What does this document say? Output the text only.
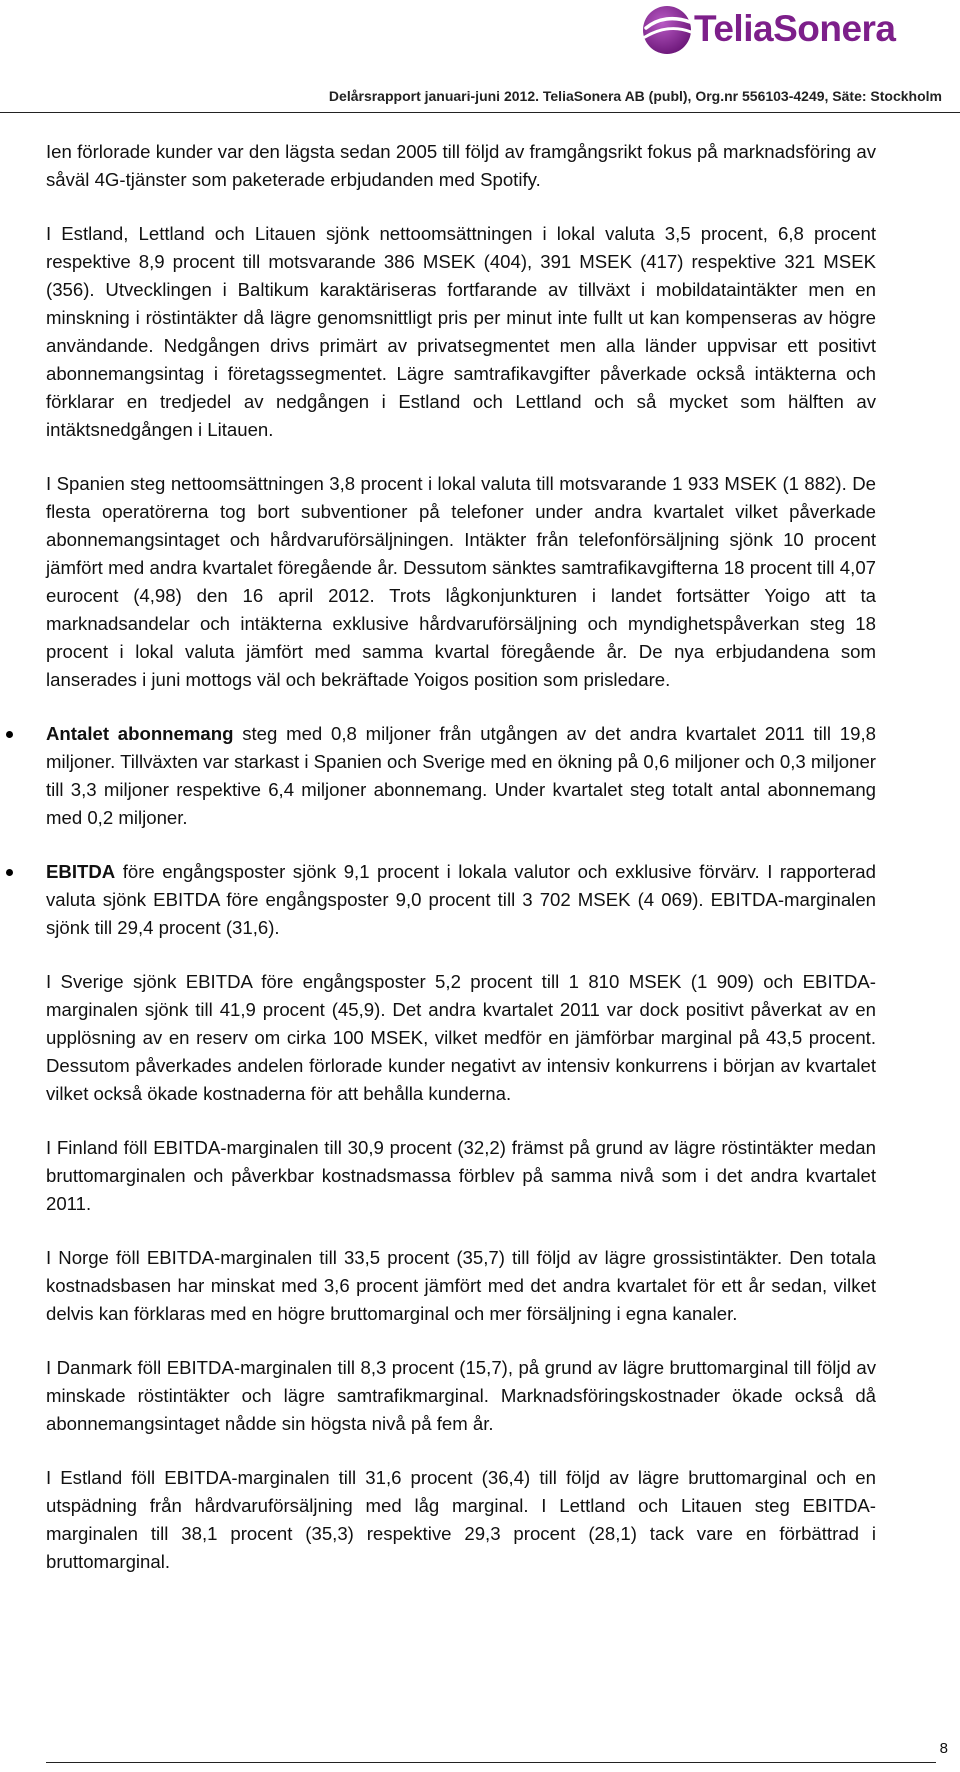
TeliaSonera
Delårsrapport januari-juni 2012. TeliaSonera AB (publ), Org.nr 556103-4249, Säte: Stockholm

Ien förlorade kunder var den lägsta sedan 2005 till följd av framgångsrikt fokus på marknadsföring av såväl 4G-tjänster som paketerade erbjudanden med Spotify.

I Estland, Lettland och Litauen sjönk nettoomsättningen i lokal valuta 3,5 procent, 6,8 procent respektive 8,9 procent till motsvarande 386 MSEK (404), 391 MSEK (417) respektive 321 MSEK (356). Utvecklingen i Baltikum karaktäriseras fortfarande av tillväxt i mobildataintäkter men en minskning i röstintäkter då lägre genomsnittligt pris per minut inte fullt ut kan kompenseras av högre användande. Nedgången drivs primärt av privatsegmentet men alla länder uppvisar ett positivt abonnemangsintag i företagssegmentet. Lägre samtrafikavgifter påverkade också intäkterna och förklarar en tredjedel av nedgången i Estland och Lettland och så mycket som hälften av intäktsnedgången i Litauen.

I Spanien steg nettoomsättningen 3,8 procent i lokal valuta till motsvarande 1 933 MSEK (1 882). De flesta operatörerna tog bort subventioner på telefoner under andra kvartalet vilket påverkade abonnemangsintaget och hårdvaruförsäljningen. Intäkter från telefonförsäljning sjönk 10 procent jämfört med andra kvartalet föregående år. Dessutom sänktes samtrafikavgifterna 18 procent till 4,07 eurocent (4,98) den 16 april 2012. Trots lågkonjunkturen i landet fortsätter Yoigo att ta marknadsandelar och intäkterna exklusive hårdvaruförsäljning och myndighetspåverkan steg 18 procent i lokal valuta jämfört med samma kvartal föregående år. De nya erbjudandena som lanserades i juni mottogs väl och bekräftade Yoigos position som prisledare.

Antalet abonnemang steg med 0,8 miljoner från utgången av det andra kvartalet 2011 till 19,8 miljoner. Tillväxten var starkast i Spanien och Sverige med en ökning på 0,6 miljoner och 0,3 miljoner till 3,3 miljoner respektive 6,4 miljoner abonnemang. Under kvartalet steg totalt antal abonnemang med 0,2 miljoner.

EBITDA före engångsposter sjönk 9,1 procent i lokala valutor och exklusive förvärv. I rapporterad valuta sjönk EBITDA före engångsposter 9,0 procent till 3 702 MSEK (4 069). EBITDA-marginalen sjönk till 29,4 procent (31,6).

I Sverige sjönk EBITDA före engångsposter 5,2 procent till 1 810 MSEK (1 909) och EBITDA-marginalen sjönk till 41,9 procent (45,9). Det andra kvartalet 2011 var dock positivt påverkat av en upplösning av en reserv om cirka 100 MSEK, vilket medför en jämförbar marginal på 43,5 procent. Dessutom påverkades andelen förlorade kunder negativt av intensiv konkurrens i början av kvartalet vilket också ökade kostnaderna för att behålla kunderna.

I Finland föll EBITDA-marginalen till 30,9 procent (32,2) främst på grund av lägre röstintäkter medan bruttomarginalen och påverkbar kostnadsmassa förblev på samma nivå som i det andra kvartalet 2011.

I Norge föll EBITDA-marginalen till 33,5 procent (35,7) till följd av lägre grossistintäkter. Den totala kostnadsbasen har minskat med 3,6 procent jämfört med det andra kvartalet för ett år sedan, vilket delvis kan förklaras med en högre bruttomarginal och mer försäljning i egna kanaler.

I Danmark föll EBITDA-marginalen till 8,3 procent (15,7), på grund av lägre bruttomarginal till följd av minskade röstintäkter och lägre samtrafikmarginal. Marknadsföringskostnader ökade också då abonnemangsintaget nådde sin högsta nivå på fem år.

I Estland föll EBITDA-marginalen till 31,6 procent (36,4) till följd av lägre bruttomarginal och en utspädning från hårdvaruförsäljning med låg marginal. I Lettland och Litauen steg EBITDA-marginalen till 38,1 procent (35,3) respektive 29,3 procent (28,1) tack vare en förbättrad i bruttomarginal.

8
